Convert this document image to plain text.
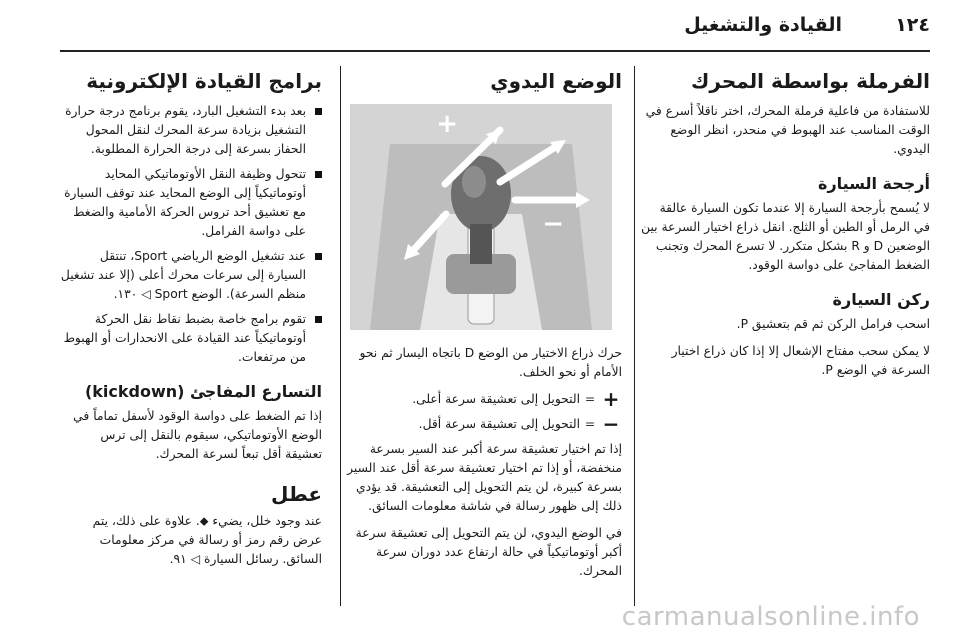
١٢٤
القيادة والتشغيل
الفرملة بواسطة المحرك

للاستفادة من فاعلية فرملة المحرك، اختر ناقلاً أسرع في الوقت المناسب عند الهبوط في منحدر، انظر الوضع اليدوي.

أرجحة السيارة

لا يُسمح بأرجحة السيارة إلا عندما تكون السيارة عالقة في الرمل أو الطين أو الثلج. انقل ذراع اختيار السرعة بين الوضعين D و R بشكل متكرر. لا تسرع المحرك وتجنب الضغط المفاجئ على دواسة الوقود.

ركن السيارة

اسحب فرامل الركن ثم قم بتعشيق P.

لا يمكن سحب مفتاح الإشعال إلا إذا كان ذراع اختيار السرعة في الوضع P.

الوضع اليدوي
+
−

حرك ذراع الاختيار من الوضع D باتجاه اليسار ثم نحو الأمام أو نحو الخلف.

+
=
التحويل إلى تعشيقة سرعة أعلى.
−
=
التحويل إلى تعشيقة سرعة أقل.

إذا تم اختيار تعشيقة سرعة أكبر عند السير بسرعة منخفضة، أو إذا تم اختيار تعشيقة سرعة أقل عند السير بسرعة كبيرة، لن يتم التحويل إلى التعشيقة. قد يؤدي ذلك إلى ظهور رسالة في شاشة معلومات السائق.

في الوضع اليدوي، لن يتم التحويل إلى تعشيقة سرعة أكبر أوتوماتيكياً في حالة ارتفاع عدد دوران سرعة المحرك.

برامج القيادة الإلكترونية
بعد بدء التشغيل البارد، يقوم برنامج درجة حرارة التشغيل بزيادة سرعة المحرك لنقل المحول الحفاز بسرعة إلى درجة الحرارة المطلوبة.
تتحول وظيفة النقل الأوتوماتيكي المحايد أوتوماتيكياً إلى الوضع المحايد عند توقف السيارة مع تعشيق أحد تروس الحركة الأمامية والضغط على دواسة الفرامل.
عند تشغيل الوضع الرياضي Sport، تنتقل السيارة إلى سرعات محرك أعلى (إلا عند تشغيل منظم السرعة). الوضع Sport ◁ ١٣٠.
تقوم برامج خاصة بضبط نقاط نقل الحركة أوتوماتيكياً عند القيادة على الانحدارات أو الهبوط من مرتفعات.
التسارع المفاجئ (kickdown)

إذا تم الضغط على دواسة الوقود لأسفل تماماً في الوضع الأوتوماتيكي، سيقوم بالنقل إلى ترس تعشيقة أقل تبعاً لسرعة المحرك.

عطل

عند وجود خلل، يضيء ⬥. علاوة على ذلك، يتم عرض رقم رمز أو رسالة في مركز معلومات السائق. رسائل السيارة ◁ ٩١.

carmanualsonline.info
